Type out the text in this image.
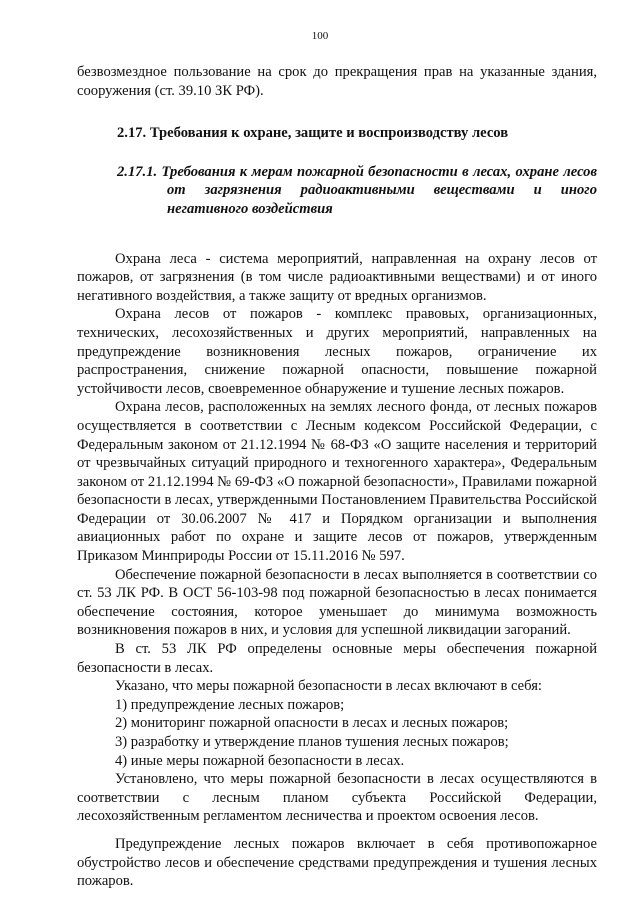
100

безвозмездное пользование на срок до прекращения прав на указанные здания, сооружения (ст. 39.10 ЗК РФ).

2.17. Требования к охране, защите и воспроизводству лесов

2.17.1. Требования к мерам пожарной безопасности в лесах, охране лесов от загрязнения радиоактивными веществами и иного негативного воздействия

Охрана леса - система мероприятий, направленная на охрану лесов от пожаров, от загрязнения (в том числе радиоактивными веществами) и от иного негативного воздействия, а также защиту от вредных организмов.

Охрана лесов от пожаров - комплекс правовых, организационных, технических, лесохозяйственных и других мероприятий, направленных на предупреждение возникновения лесных пожаров, ограничение их распространения, снижение пожарной опасности, повышение пожарной устойчивости лесов, своевременное обнаружение и тушение лесных пожаров.

Охрана лесов, расположенных на землях лесного фонда, от лесных пожаров осуществляется в соответствии с Лесным кодексом Российской Федерации, с Федеральным законом от 21.12.1994 № 68-ФЗ «О защите населения и территорий от чрезвычайных ситуаций природного и техногенного характера», Федеральным законом от 21.12.1994 № 69-ФЗ «О пожарной безопасности», Правилами пожарной безопасности в лесах, утвержденными Постановлением Правительства Российской Федерации от 30.06.2007 № 417 и Порядком организации и выполнения авиационных работ по охране и защите лесов от пожаров, утвержденным Приказом Минприроды России от 15.11.2016 № 597.

Обеспечение пожарной безопасности в лесах выполняется в соответствии со ст. 53 ЛК РФ. В ОСТ 56-103-98 под пожарной безопасностью в лесах понимается обеспечение состояния, которое уменьшает до минимума возможность возникновения пожаров в них, и условия для успешной ликвидации загораний.

В ст. 53 ЛК РФ определены основные меры обеспечения пожарной безопасности в лесах.

Указано, что меры пожарной безопасности в лесах включают в себя:

1) предупреждение лесных пожаров;

2) мониторинг пожарной опасности в лесах и лесных пожаров;

3) разработку и утверждение планов тушения лесных пожаров;

4) иные меры пожарной безопасности в лесах.

Установлено, что меры пожарной безопасности в лесах осуществляются в соответствии с лесным планом субъекта Российской Федерации, лесохозяйственным регламентом лесничества и проектом освоения лесов.

Предупреждение лесных пожаров включает в себя противопожарное обустройство лесов и обеспечение средствами предупреждения и тушения лесных пожаров.
